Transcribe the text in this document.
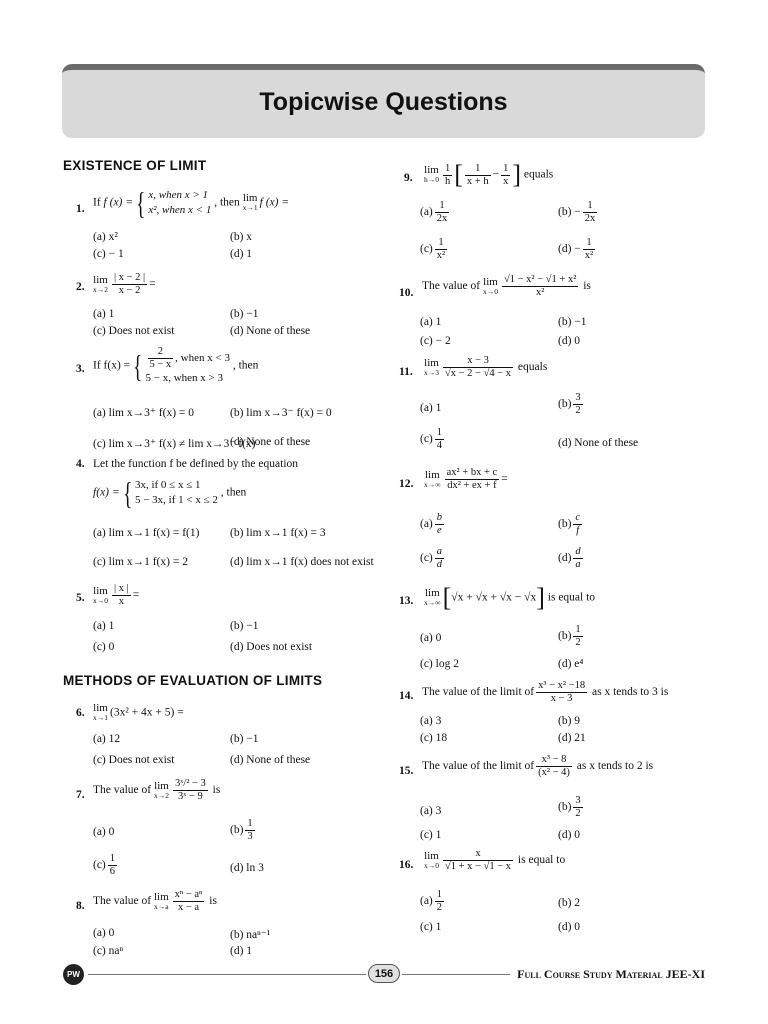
Topicwise Questions
EXISTENCE OF LIMIT
1.
If f (x) ={ x, when x > 1
x², when x < 1 , then lim
x→1 f (x) =
(a) x²	(b) x
(c) − 1	(d) 1
2.
lim
$x\to 2 \frac{| x - 2 |}{x - 2}$ =
(a) 1	(b) −1
(c) Does not exist	(d) None of these
3. If f(x) ={ $\frac{2}{5 - x}$ , when x < 3
5 − x, when x > 3 , then
(a) lim x→3⁺ f(x) = 0	(b) lim x→3⁻ f(x) = 0
(c) lim x→3⁺ f(x) ≠ lim x→3⁻ f(x)
(d) None of these
4. Let the function f be defined by the equation
f(x) ={ 3x, if 0 ≤ x ≤ 1
5 − 3x, if 1 < x ≤ 2 , then
(a) lim x→1 f(x) = f(1)	(b) lim x→1 f(x) = 3
(c) lim x→1 f(x) = 2	(d) lim x→1 f(x) does not exist
5.
lim
$x\to 0 \frac{| x |}{x}$ =
(a) 1	(b) −1
(c) 0	(d) Does not exist
METHODS OF EVALUATION OF LIMITS
6. lim
x→1 (3x² + 4x + 5) =
(a) 12	(b) −1
(c) Does not exist	(d) None of these
7. The value of lim
$x\to 2 \frac{\text{3ˣ/² − 3}}{\text{3ˣ − 9}}$ is
(a) 0	$(b) \frac{1}{3}$
$(c) \frac{1}{6}$	(d) ln 3
8. The value of lim
$x\to a \frac{\text{xⁿ − aⁿ}}{x - a}$ is
(a) 0	(b) naⁿ⁻¹
(c) naⁿ	(d) 1
9.
lim
$h\to 0 \frac{1}{h}$ [ $\frac{1}{x + h} - \frac{1}{x}$ ] equals
$(a) \frac{1}{2x}$	$(b) - \frac{1}{2x}$
$(c) \frac{1}{\text{x²}}$	$(d) - \frac{1}{\text{x²}}$
10.
The value of lim
$x\to 0 \frac{\text{√1 − x² − √1 + x²}}{\text{x²}}$ is
(a) 1	(b) −1
(c) − 2	(d) 0
11.
lim
$x\to 3 \frac{x - 3}{√x - 2 - √4 - x}$ equals
(a) 1	$(b) \frac{3}{2}$
$(c) \frac{1}{4}$	(d) None of these
12.
lim
$x\to\infty \frac{\text{ax² + bx + c}}{\text{dx² + ex + f}}$ =
$(a) \frac{b}{e}$	$(b) \frac{c}{f}$
$(c) \frac{a}{d}$	$(d) \frac{d}{a}$
13.
lim
x→∞ [√x + √x + √x − √x] is equal to
(a) 0	$(b) \frac{1}{2}$
(c) log 2	(d) e⁴
14. The value of the limit of $\frac{\text{x³ − x² −18}}{x - 3}$ as x tends to 3 is
(a) 3	(b) 9
(c) 18	(d) 21
15. The value of the limit of $\frac{\text{x³ − 8}}{\text{(x² − 4)}}$ as x tends to 2 is
(a) 3	$(b) \frac{3}{2}$
(c) 1	(d) 0
16.
lim
$x\to 0 \frac{x}{√1 + x - √1 - x}$ is equal to
$(a) \frac{1}{2}$	(b) 2
(c) 1	(d) 0
PW	156	Full Course Study Material JEE-XI
